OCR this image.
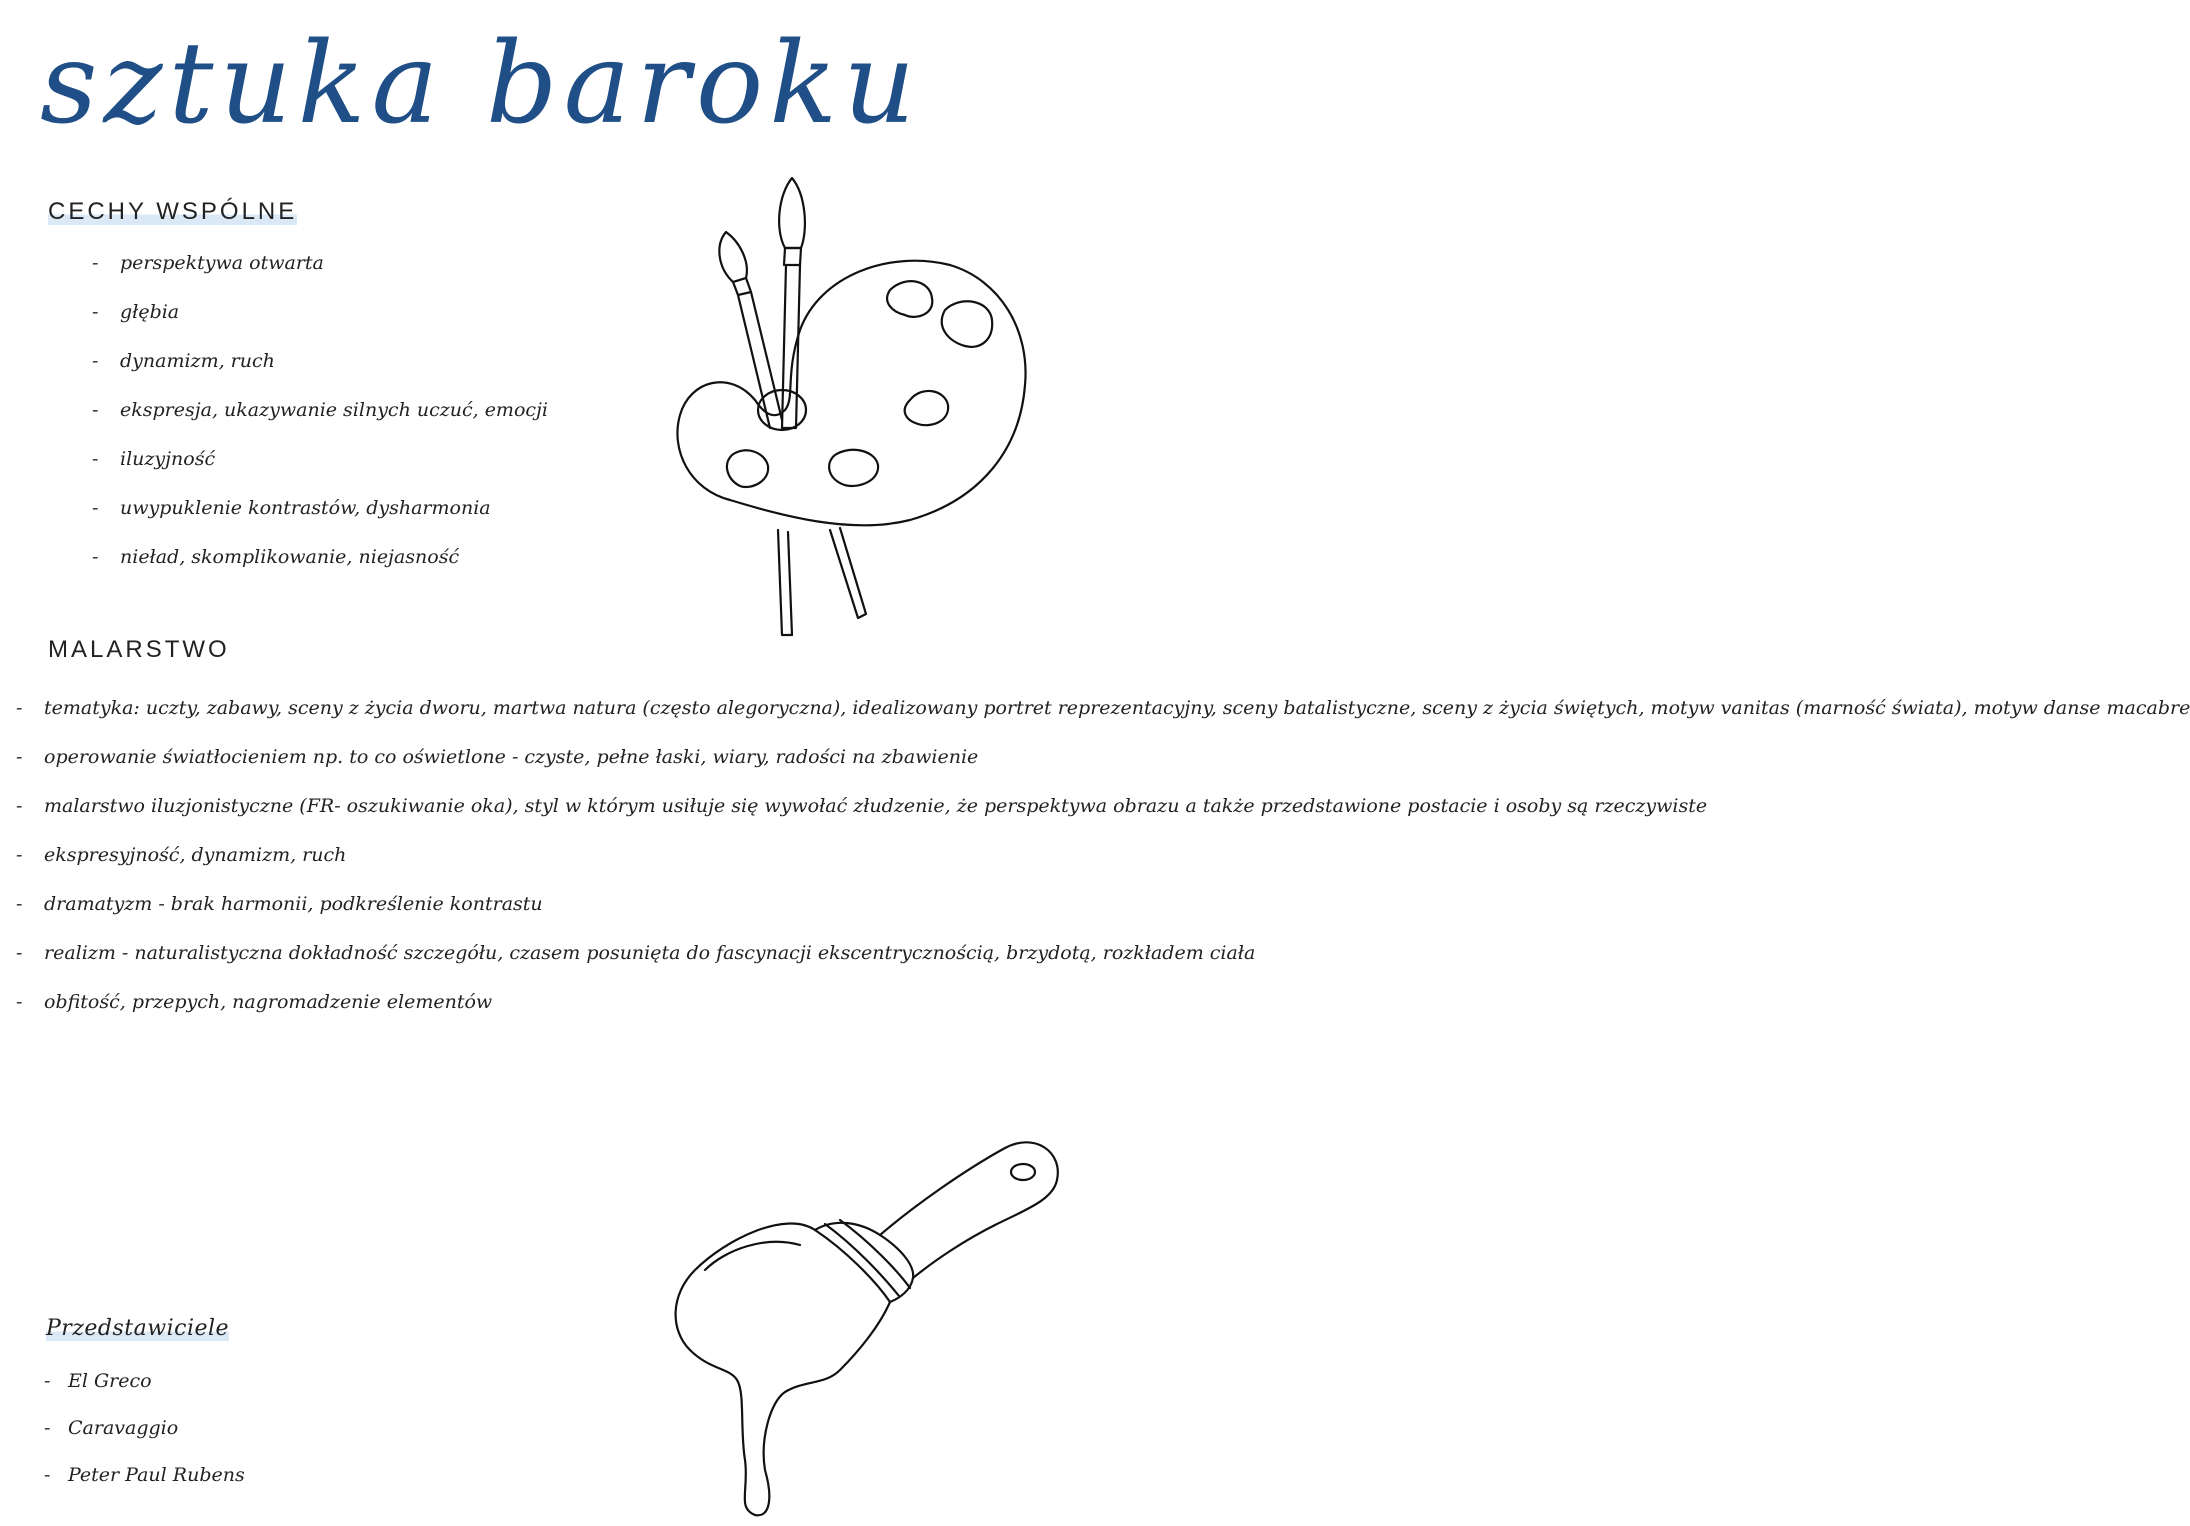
sztuka baroku
CECHY WSPÓLNE
- perspektywa otwarta
- głębia
- dynamizm, ruch
- ekspresja, ukazywanie silnych uczuć, emocji
- iluzyjność
- uwypuklenie kontrastów, dysharmonia
- nieład, skomplikowanie, niejasność
MALARSTWO
- tematyka: uczty, zabawy, sceny z życia dworu, martwa natura (często alegoryczna), idealizowany portret reprezentacyjny, sceny batalistyczne, sceny z życia świętych, motyw vanitas (marność świata), motyw danse macabre
- operowanie światłocieniem np. to co oświetlone - czyste, pełne łaski, wiary, radości na zbawienie
- malarstwo iluzjonistyczne (FR- oszukiwanie oka), styl w którym usiłuje się wywołać złudzenie, że perspektywa obrazu a także przedstawione postacie i osoby są rzeczywiste
- ekspresyjność, dynamizm, ruch
- dramatyzm - brak harmonii, podkreślenie kontrastu
- realizm - naturalistyczna dokładność szczegółu, czasem posunięta do fascynacji ekscentrycznością, brzydotą, rozkładem ciała
- obfitość, przepych, nagromadzenie elementów
Przedstawiciele
- El Greco
- Caravaggio
- Peter Paul Rubens
